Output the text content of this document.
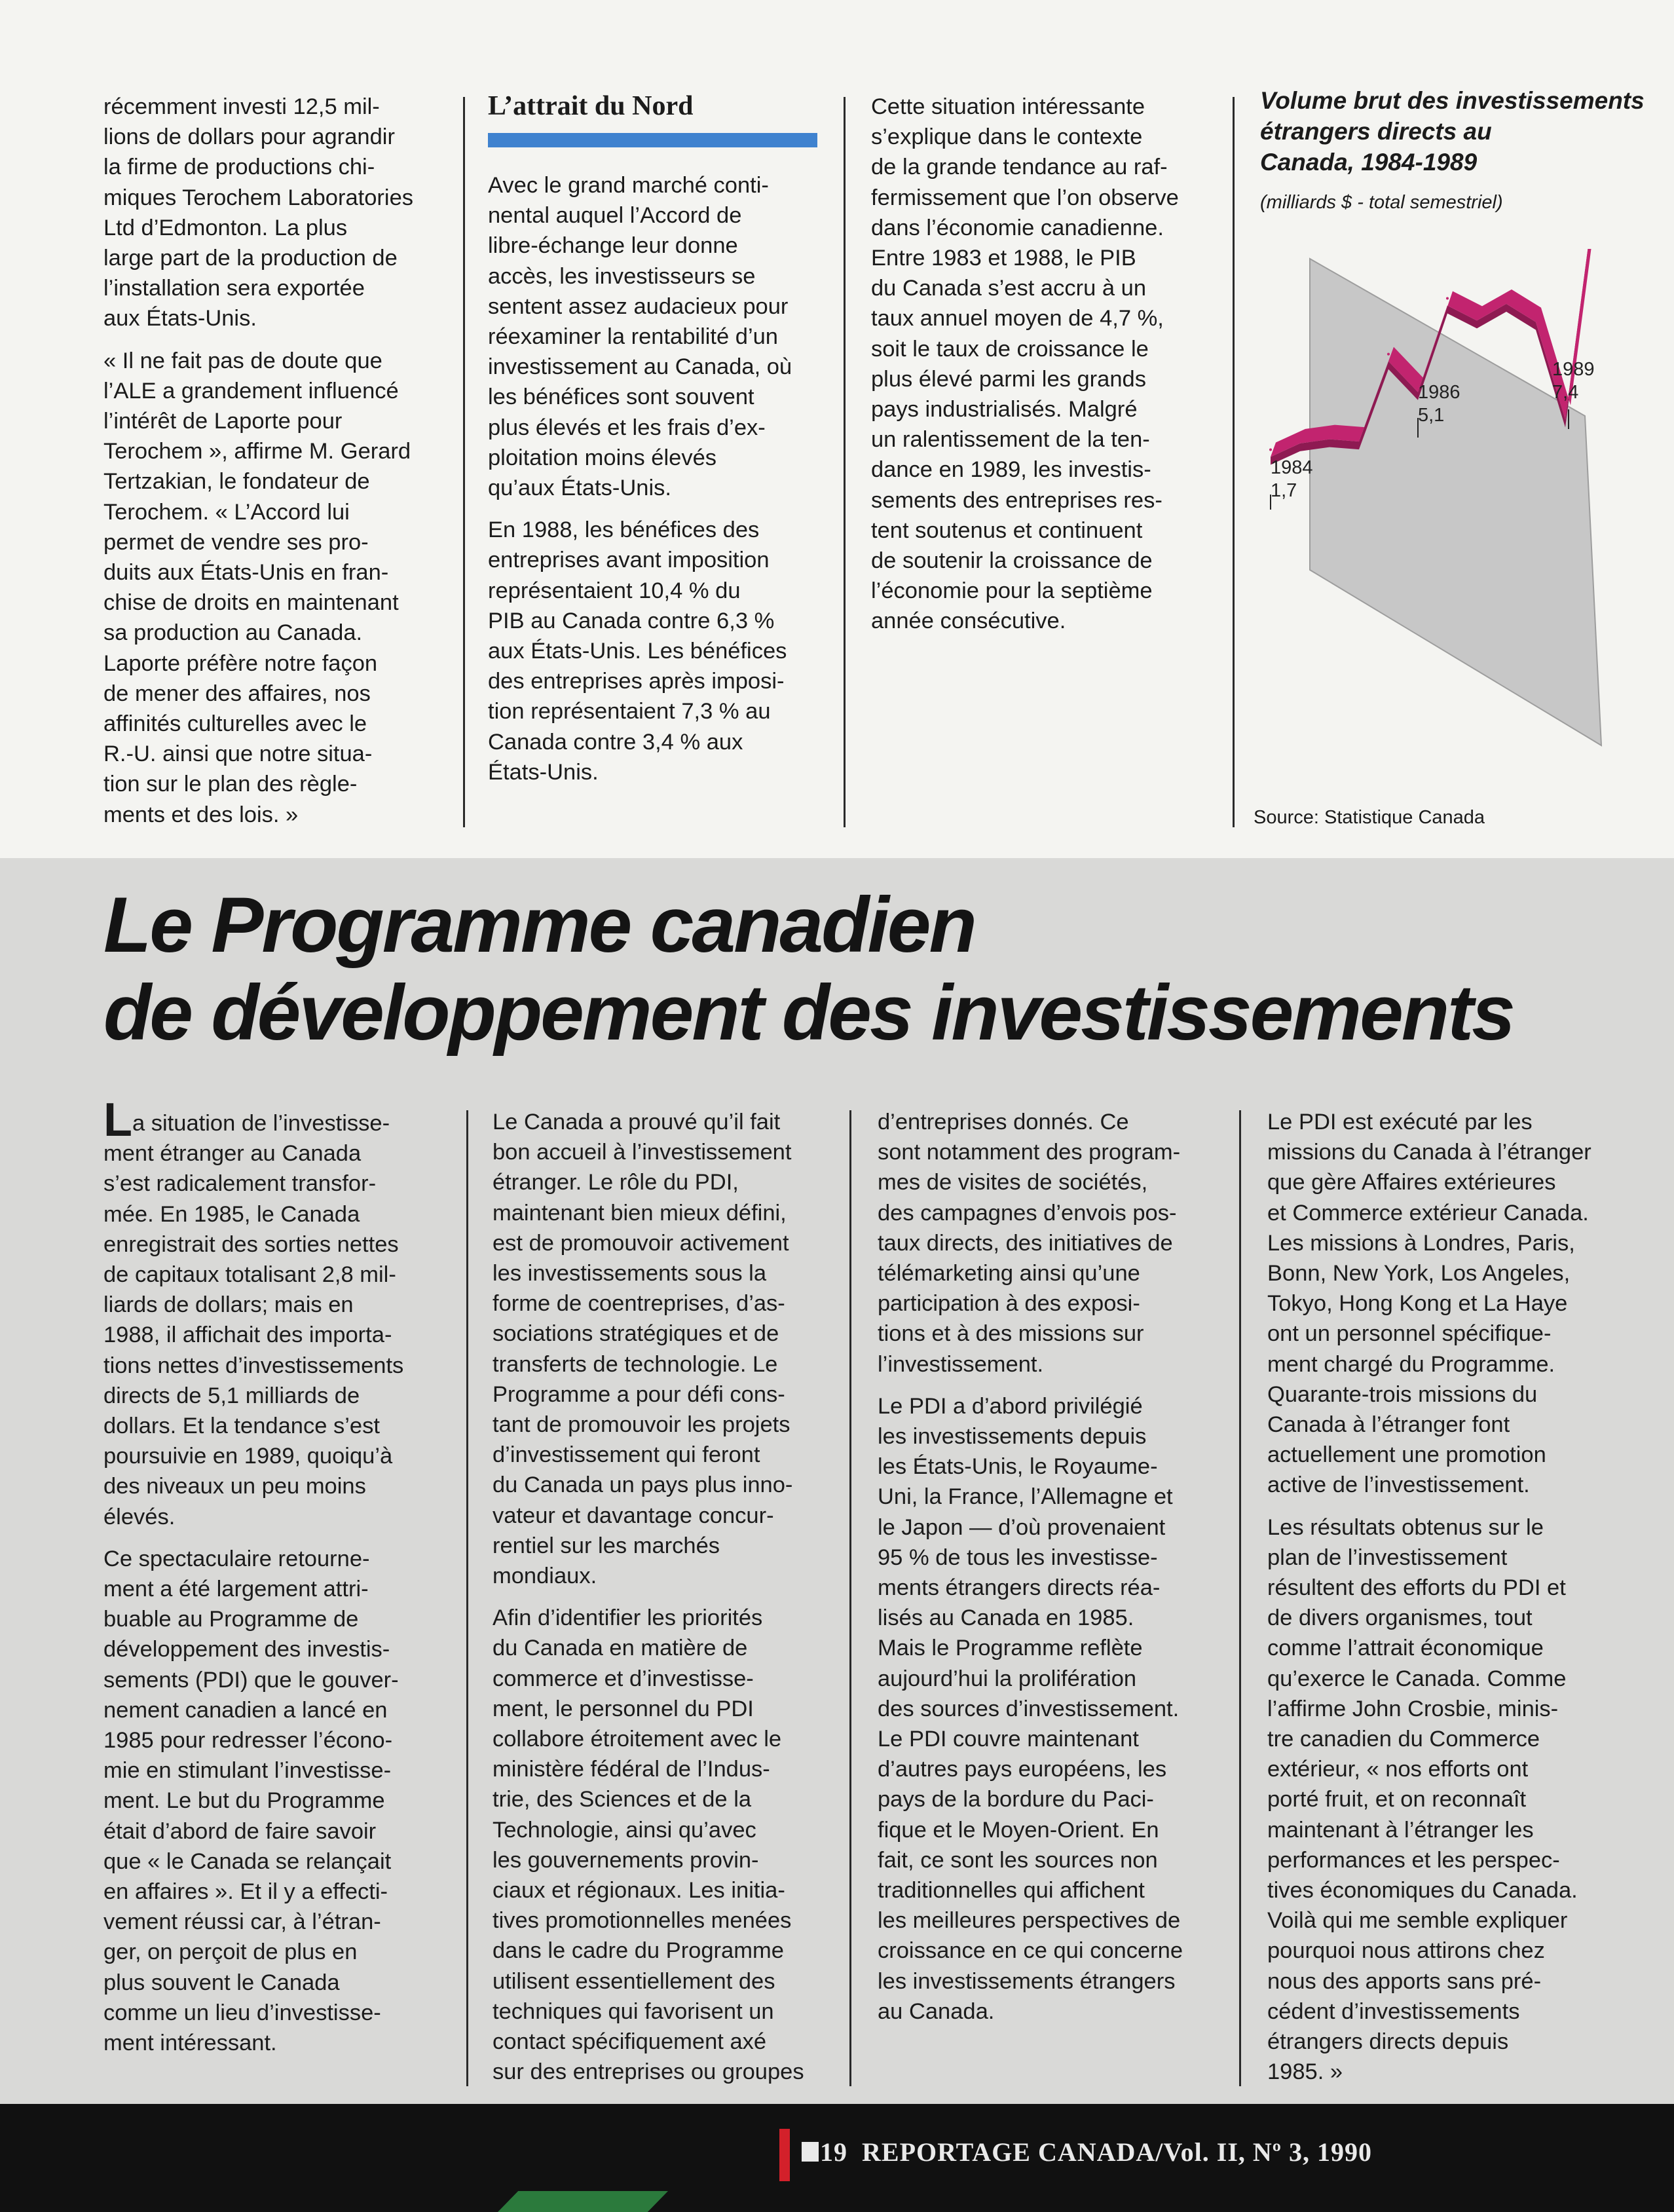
récemment investi 12,5 mil-
lions de dollars pour agrandir
la firme de productions chi-
miques Terochem Laboratories
Ltd d’Edmonton. La plus
large part de la production de
l’installation sera exportée
aux États-Unis.

« Il ne fait pas de doute que
l’ALE a grandement influencé
l’intérêt de Laporte pour
Terochem », affirme M. Gerard
Tertzakian, le fondateur de
Terochem. « L’Accord lui
permet de vendre ses pro-
duits aux États-Unis en fran-
chise de droits en maintenant
sa production au Canada.
Laporte préfère notre façon
de mener des affaires, nos
affinités culturelles avec le
R.-U. ainsi que notre situa-
tion sur le plan des règle-
ments et des lois. »

L’attrait du Nord

Avec le grand marché conti-
nental auquel l’Accord de
libre-échange leur donne
accès, les investisseurs se
sentent assez audacieux pour
réexaminer la rentabilité d’un
investissement au Canada, où
les bénéfices sont souvent
plus élevés et les frais d’ex-
ploitation moins élevés
qu’aux États-Unis.

En 1988, les bénéfices des
entreprises avant imposition
représentaient 10,4 % du
PIB au Canada contre 6,3 %
aux États-Unis. Les bénéfices
des entreprises après imposi-
tion représentaient 7,3 % au
Canada contre 3,4 % aux
États-Unis.

Cette situation intéressante
s’explique dans le contexte
de la grande tendance au raf-
fermissement que l’on observe
dans l’économie canadienne.
Entre 1983 et 1988, le PIB
du Canada s’est accru à un
taux annuel moyen de 4,7 %,
soit le taux de croissance le
plus élevé parmi les grands
pays industrialisés. Malgré
un ralentissement de la ten-
dance en 1989, les investis-
sements des entreprises res-
tent soutenus et continuent
de soutenir la croissance de
l’économie pour la septième
année consécutive.

Volume brut des investissements
étrangers directs au
Canada, 1984-1989
(milliards $ - total semestriel)
1984
1,7
1986
5,1
1989
7,4
Source: Statistique Canada
Le Programme canadien
de développement des investissements

La situation de l’investisse-
ment étranger au Canada
s’est radicalement transfor-
mée. En 1985, le Canada
enregistrait des sorties nettes
de capitaux totalisant 2,8 mil-
liards de dollars; mais en
1988, il affichait des importa-
tions nettes d’investissements
directs de 5,1 milliards de
dollars. Et la tendance s’est
poursuivie en 1989, quoiqu’à
des niveaux un peu moins
élevés.

Ce spectaculaire retourne-
ment a été largement attri-
buable au Programme de
développement des investis-
sements (PDI) que le gouver-
nement canadien a lancé en
1985 pour redresser l’écono-
mie en stimulant l’investisse-
ment. Le but du Programme
était d’abord de faire savoir
que « le Canada se relançait
en affaires ». Et il y a effecti-
vement réussi car, à l’étran-
ger, on perçoit de plus en
plus souvent le Canada
comme un lieu d’investisse-
ment intéressant.

Le Canada a prouvé qu’il fait
bon accueil à l’investissement
étranger. Le rôle du PDI,
maintenant bien mieux défini,
est de promouvoir activement
les investissements sous la
forme de coentreprises, d’as-
sociations stratégiques et de
transferts de technologie. Le
Programme a pour défi cons-
tant de promouvoir les projets
d’investissement qui feront
du Canada un pays plus inno-
vateur et davantage concur-
rentiel sur les marchés
mondiaux.

Afin d’identifier les priorités
du Canada en matière de
commerce et d’investisse-
ment, le personnel du PDI
collabore étroitement avec le
ministère fédéral de l’Indus-
trie, des Sciences et de la
Technologie, ainsi qu’avec
les gouvernements provin-
ciaux et régionaux. Les initia-
tives promotionnelles menées
dans le cadre du Programme
utilisent essentiellement des
techniques qui favorisent un
contact spécifiquement axé
sur des entreprises ou groupes

d’entreprises donnés. Ce
sont notamment des program-
mes de visites de sociétés,
des campagnes d’envois pos-
taux directs, des initiatives de
télémarketing ainsi qu’une
participation à des exposi-
tions et à des missions sur
l’investissement.

Le PDI a d’abord privilégié
les investissements depuis
les États-Unis, le Royaume-
Uni, la France, l’Allemagne et
le Japon — d’où provenaient
95 % de tous les investisse-
ments étrangers directs réa-
lisés au Canada en 1985.
Mais le Programme reflète
aujourd’hui la prolifération
des sources d’investissement.
Le PDI couvre maintenant
d’autres pays européens, les
pays de la bordure du Paci-
fique et le Moyen-Orient. En
fait, ce sont les sources non
traditionnelles qui affichent
les meilleures perspectives de
croissance en ce qui concerne
les investissements étrangers
au Canada.

Le PDI est exécuté par les
missions du Canada à l’étranger
que gère Affaires extérieures
et Commerce extérieur Canada.
Les missions à Londres, Paris,
Bonn, New York, Los Angeles,
Tokyo, Hong Kong et La Haye
ont un personnel spécifique-
ment chargé du Programme.
Quarante-trois missions du
Canada à l’étranger font
actuellement une promotion
active de l’investissement.

Les résultats obtenus sur le
plan de l’investissement
résultent des efforts du PDI et
de divers organismes, tout
comme l’attrait économique
qu’exerce le Canada. Comme
l’affirme John Crosbie, minis-
tre canadien du Commerce
extérieur, « nos efforts ont
porté fruit, et on reconnaît
maintenant à l’étranger les
performances et les perspec-
tives économiques du Canada.
Voilà qui me semble expliquer
pourquoi nous attirons chez
nous des apports sans pré-
cédent d’investissements
étrangers directs depuis
1985. »

19 REPORTAGE CANADA/Vol. II, Nº 3, 1990
